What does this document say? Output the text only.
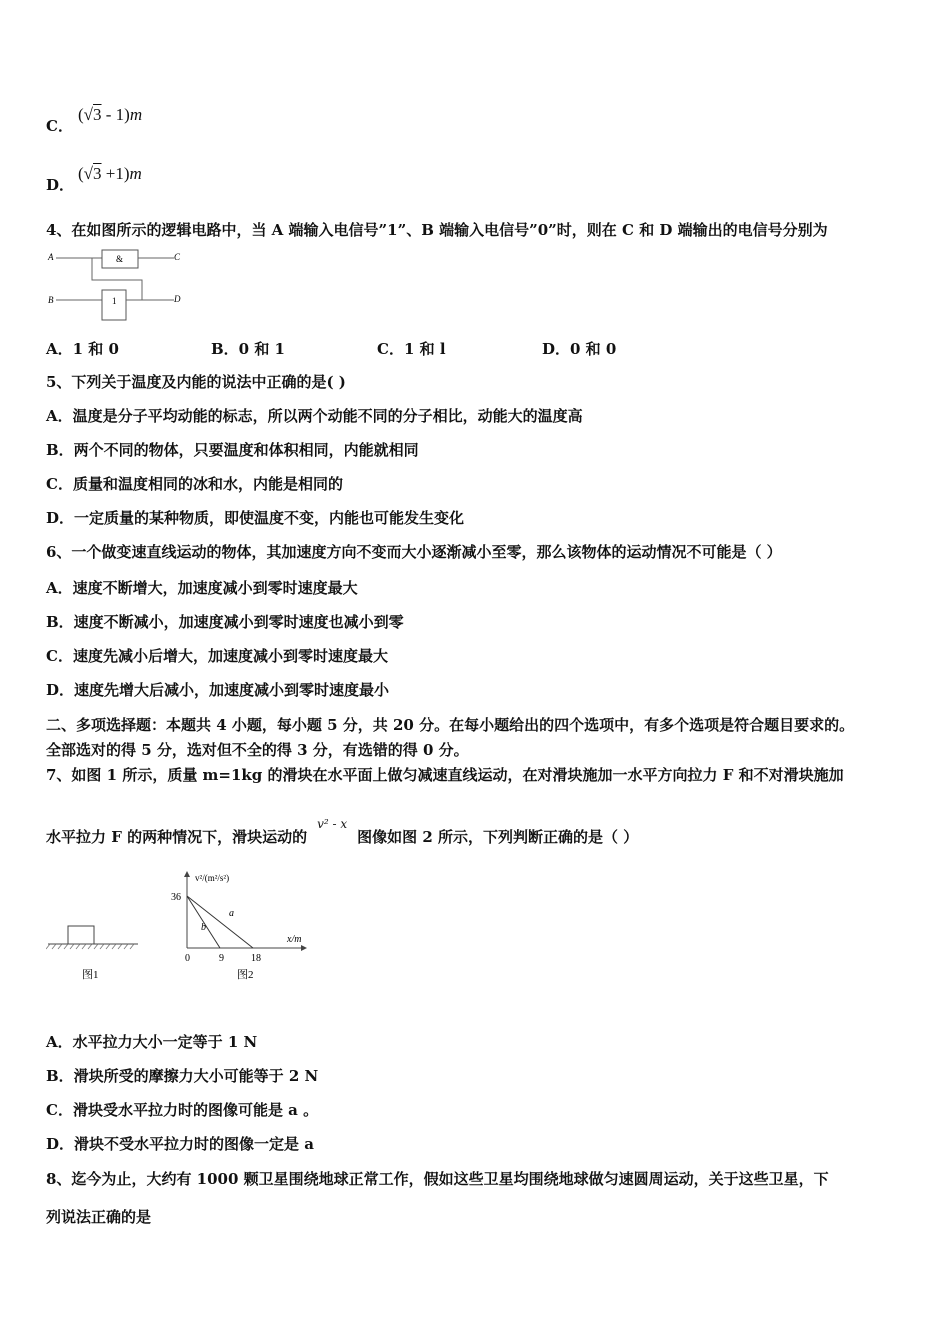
C．
(√3 - 1)m
D．
(√3 +1)m
4、在如图所示的逻辑电路中，当 A 端输入电信号”1”、B 端输入电信号”0”时，则在 C 和 D 端输出的电信号分别为
A	&	C
B	1	D
A．1 和 0	B．0 和 1	C．1 和 l	D．0 和 0
5、下列关于温度及内能的说法中正确的是( )
A．温度是分子平均动能的标志，所以两个动能不同的分子相比，动能大的温度高
B．两个不同的物体，只要温度和体积相同，内能就相同
C．质量和温度相同的冰和水，内能是相同的
D．一定质量的某种物质，即使温度不变，内能也可能发生变化
6、一个做变速直线运动的物体，其加速度方向不变而大小逐渐减小至零，那么该物体的运动情况不可能是（ ）
A．速度不断增大，加速度减小到零时速度最大
B．速度不断减小，加速度减小到零时速度也减小到零
C．速度先减小后增大，加速度减小到零时速度最大
D．速度先增大后减小，加速度减小到零时速度最小
二、多项选择题：本题共 4 小题，每小题 5 分，共 20 分。在每小题给出的四个选项中，有多个选项是符合题目要求的。
全部选对的得 5 分，选对但不全的得 3 分，有选错的得 0 分。
7、如图 1 所示，质量 m=1kg 的滑块在水平面上做匀减速直线运动，在对滑块施加一水平方向拉力 F 和不对滑块施加
水平拉力 F 的两种情况下，滑块运动的v² - x图像如图 2 所示，下列判断正确的是（ ）
图1
v²/(m²/s²)
x/m
36
0	9	18
a
b
图2
A．水平拉力大小一定等于 1 N
B．滑块所受的摩擦力大小可能等于 2 N
C．滑块受水平拉力时的图像可能是 a 。
D．滑块不受水平拉力时的图像一定是 a
8、迄今为止，大约有 1000 颗卫星围绕地球正常工作，假如这些卫星均围绕地球做匀速圆周运动，关于这些卫星，下
列说法正确的是
